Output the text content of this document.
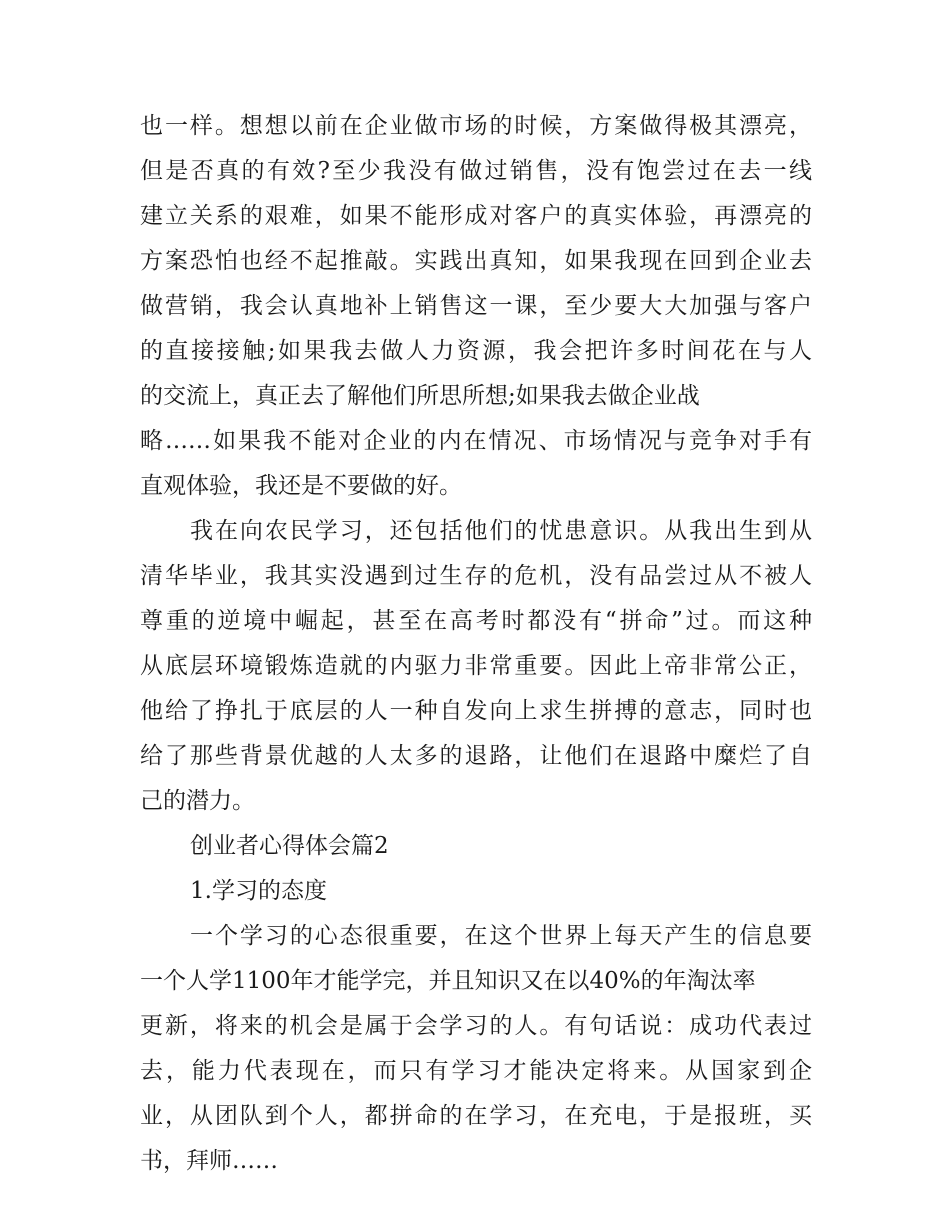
也一样。想想以前在企业做市场的时候，方案做得极其漂亮，
但是否真的有效?至少我没有做过销售，没有饱尝过在去一线
建立关系的艰难，如果不能形成对客户的真实体验，再漂亮的
方案恐怕也经不起推敲。实践出真知，如果我现在回到企业去
做营销，我会认真地补上销售这一课，至少要大大加强与客户
的直接接触;如果我去做人力资源，我会把许多时间花在与人
的交流上，真正去了解他们所思所想;如果我去做企业战
略……如果我不能对企业的内在情况、市场情况与竞争对手有
直观体验，我还是不要做的好。
我在向农民学习，还包括他们的忧患意识。从我出生到从
清华毕业，我其实没遇到过生存的危机，没有品尝过从不被人
尊重的逆境中崛起，甚至在高考时都没有“拼命”过。而这种
从底层环境锻炼造就的内驱力非常重要。因此上帝非常公正，
他给了挣扎于底层的人一种自发向上求生拼搏的意志，同时也
给了那些背景优越的人太多的退路，让他们在退路中糜烂了自
己的潜力。
创业者心得体会篇2
1.学习的态度
一个学习的心态很重要，在这个世界上每天产生的信息要
一个人学1100年才能学完，并且知识又在以40%的年淘汰率
更新，将来的机会是属于会学习的人。有句话说：成功代表过
去，能力代表现在，而只有学习才能决定将来。从国家到企
业，从团队到个人，都拼命的在学习，在充电，于是报班，买
书，拜师……
